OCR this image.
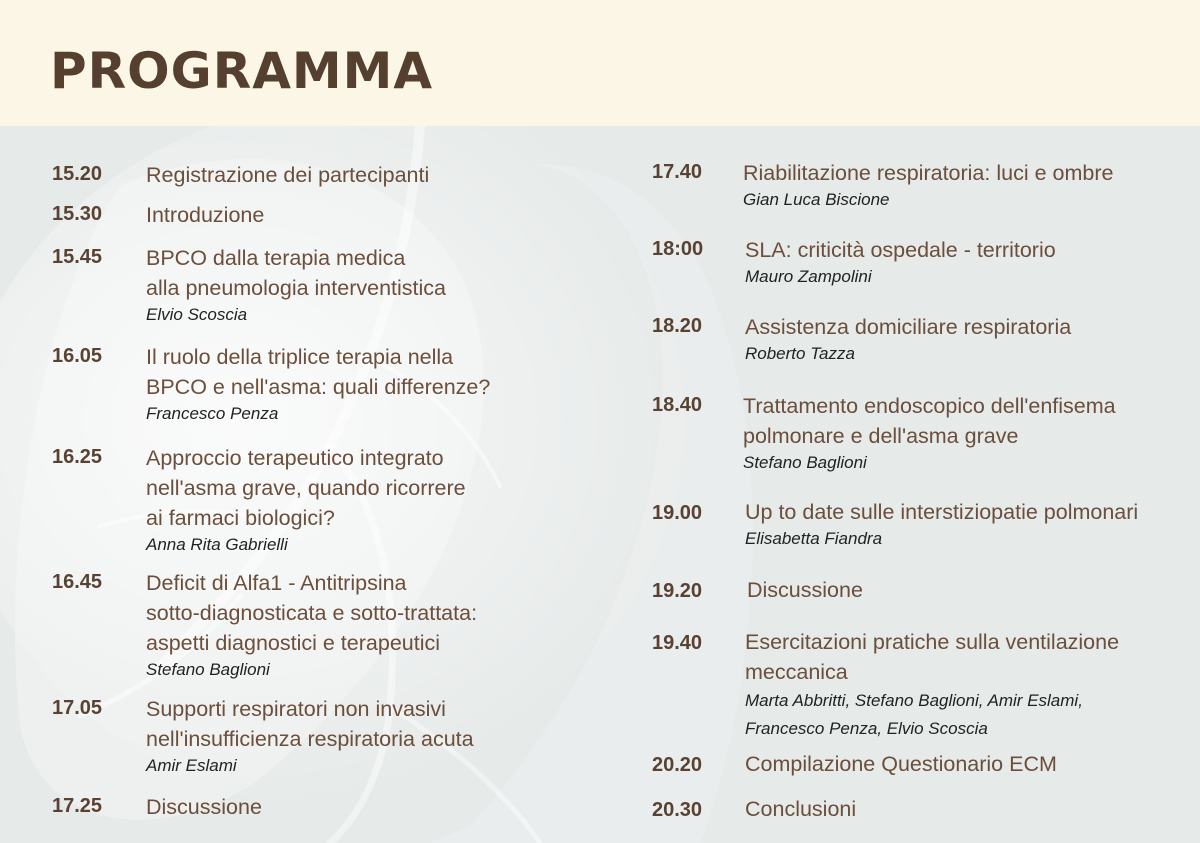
PROGRAMMA
15.20 Registrazione dei partecipanti
15.30 Introduzione
15.45 BPCO dalla terapia medica
alla pneumologia interventistica
Elvio Scoscia
16.05 Il ruolo della triplice terapia nella
BPCO e nell'asma: quali differenze?
Francesco Penza
16.25 Approccio terapeutico integrato
nell'asma grave, quando ricorrere
ai farmaci biologici?
Anna Rita Gabrielli
16.45 Deficit di Alfa1 - Antitripsina
sotto-diagnosticata e sotto-trattata:
aspetti diagnostici e terapeutici
Stefano Baglioni
17.05 Supporti respiratori non invasivi
nell'insufficienza respiratoria acuta
Amir Eslami
17.25 Discussione
17.40 Riabilitazione respiratoria: luci e ombre
Gian Luca Biscione
18:00 SLA: criticità ospedale - territorio
Mauro Zampolini
18.20 Assistenza domiciliare respiratoria
Roberto Tazza
18.40 Trattamento endoscopico dell'enfisema
polmonare e dell'asma grave
Stefano Baglioni
19.00 Up to date sulle interstiziopatie polmonari
Elisabetta Fiandra
19.20 Discussione
19.40 Esercitazioni pratiche sulla ventilazione
meccanica
Marta Abbritti, Stefano Baglioni, Amir Eslami,
Francesco Penza, Elvio Scoscia
20.20 Compilazione Questionario ECM
20.30 Conclusioni
